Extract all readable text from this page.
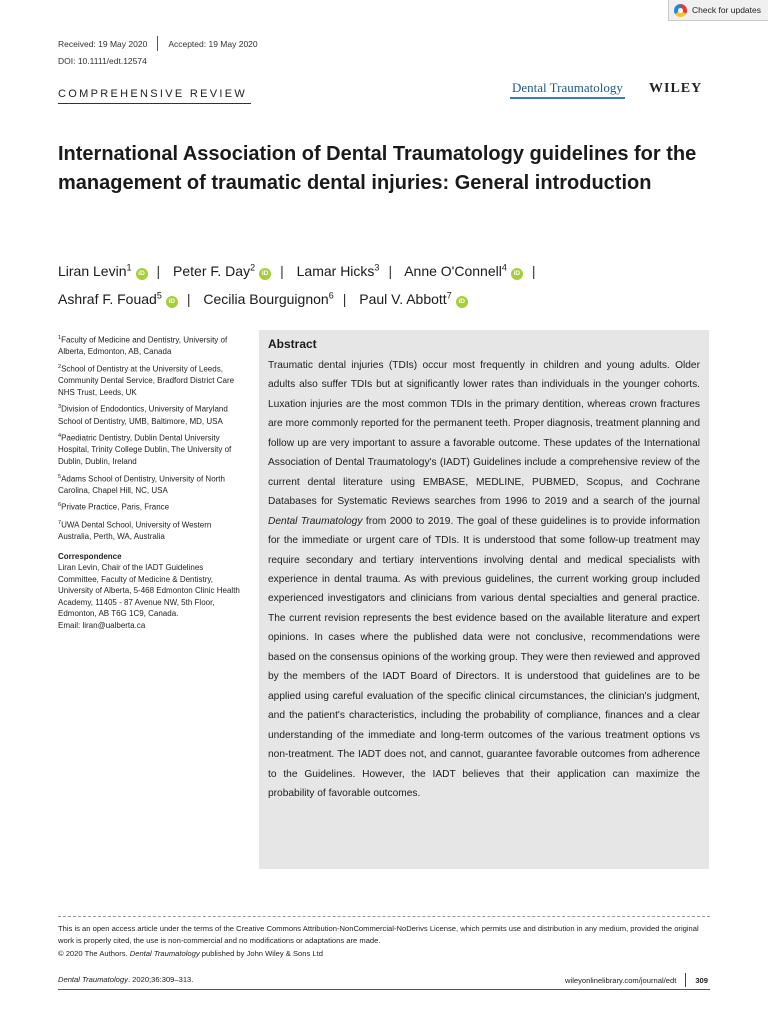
Check for updates
Received: 19 May 2020 Accepted: 19 May 2020
DOI: 10.1111/edt.12574
COMPREHENSIVE REVIEW	Dental Traumatology WILEY
International Association of Dental Traumatology guidelines for the management of traumatic dental injuries: General introduction
Liran Levin$^1$iD | Peter F. Day$^2$iD | Lamar Hicks$^3$ | Anne O'Connell$^4$iD |
Ashraf F. Fouad$^5$iD | Cecilia Bourguignon$^6$ | Paul V. Abbott$^7$iD

$^1$Faculty of Medicine and Dentistry, University of Alberta, Edmonton, AB, Canada

$^2$School of Dentistry at the University of Leeds, Community Dental Service, Bradford District Care NHS Trust, Leeds, UK

$^3$Division of Endodontics, University of Maryland School of Dentistry, UMB, Baltimore, MD, USA

$^4$Paediatric Dentistry, Dublin Dental University Hospital, Trinity College Dublin, The University of Dublin, Dublin, Ireland

$^5$Adams School of Dentistry, University of North Carolina, Chapel Hill, NC, USA

$^6$Private Practice, Paris, France

$^7$UWA Dental School, University of Western Australia, Perth, WA, Australia

Correspondence
Liran Levin, Chair of the IADT Guidelines Committee, Faculty of Medicine & Dentistry, University of Alberta, 5-468 Edmonton Clinic Health Academy, 11405 - 87 Avenue NW, 5th Floor, Edmonton, AB T6G 1C9, Canada.
Email: liran@ualberta.ca
Abstract

Traumatic dental injuries (TDIs) occur most frequently in children and young adults. Older adults also suffer TDIs but at significantly lower rates than individuals in the younger cohorts. Luxation injuries are the most common TDIs in the primary dentition, whereas crown fractures are more commonly reported for the permanent teeth. Proper diagnosis, treatment planning and follow up are very important to assure a favorable outcome. These updates of the International Association of Dental Traumatology's (IADT) Guidelines include a comprehensive review of the current dental literature using EMBASE, MEDLINE, PUBMED, Scopus, and Cochrane Databases for Systematic Reviews searches from 1996 to 2019 and a search of the journal Dental Traumatology from 2000 to 2019. The goal of these guidelines is to provide information for the immediate or urgent care of TDIs. It is understood that some follow-up treatment may require secondary and tertiary interventions involving dental and medical specialists with experience in dental trauma. As with previous guidelines, the current working group included experienced investigators and clinicians from various dental specialties and general practice. The current revision represents the best evidence based on the available literature and expert opinions. In cases where the published data were not conclusive, recommendations were based on the consensus opinions of the working group. They were then reviewed and approved by the members of the IADT Board of Directors. It is understood that guidelines are to be applied using careful evaluation of the specific clinical circumstances, the clinician's judgment, and the patient's characteristics, including the probability of compliance, finances and a clear understanding of the immediate and long-term outcomes of the various treatment options vs non-treatment. The IADT does not, and cannot, guarantee favorable outcomes from adherence to the Guidelines. However, the IADT believes that their application can maximize the probability of favorable outcomes.

This is an open access article under the terms of the Creative Commons Attribution-NonCommercial-NoDerivs License, which permits use and distribution in any medium, provided the original work is properly cited, the use is non-commercial and no modifications or adaptations are made.
© 2020 The Authors. Dental Traumatology published by John Wiley & Sons Ltd
Dental Traumatology. 2020;36:309–313.	wileyonlinelibrary.com/journal/edt	309
